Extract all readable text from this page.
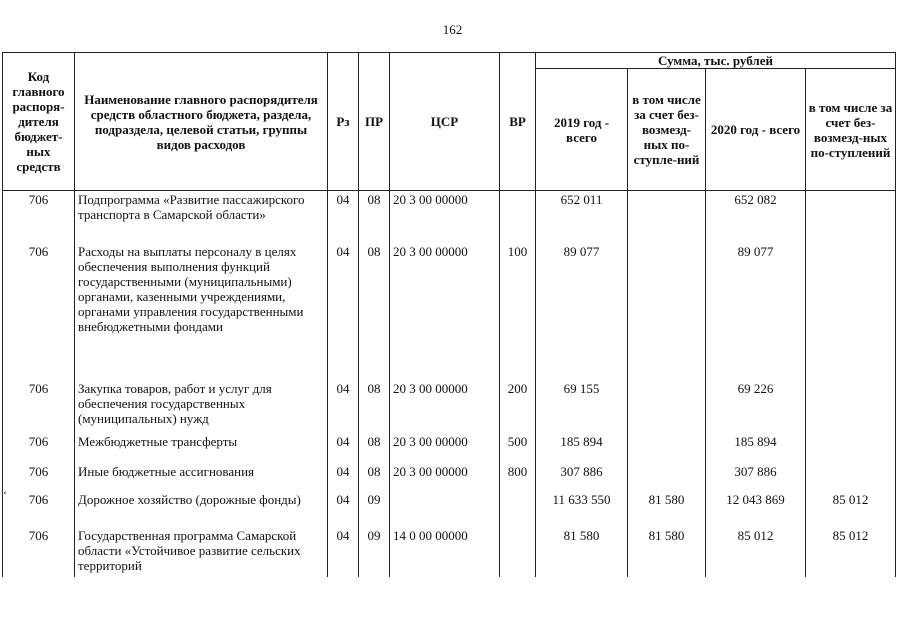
162
Код главного распоря-дителя бюджет-ных средств	Наименование главного распорядителя средств областного бюджета, раздела, подраздела, целевой статьи, группы видов расходов	Рз	ПР	ЦСР	ВР	Сумма, тыс. рублей			
						2019 год - всего	в том числе за счет без-возмезд-ных по-ступле-ний	2020 год - всего	в том числе за счет без-возмезд-ных по-ступлений
706	Подпрограмма «Развитие пассажирского транспорта в Самарской области»	04	08	20 3 00 00000		652 011		652 082	
706	Расходы на выплаты персоналу в целях обеспечения выполнения функций государственными (муниципальными) органами, казенными учреждениями, органами управления государственными внебюджетными фондами	04	08	20 3 00 00000	100	89 077		89 077	
706	Закупка товаров, работ и услуг для обеспечения государственных (муниципальных) нужд	04	08	20 3 00 00000	200	69 155		69 226	
706	Межбюджетные трансферты	04	08	20 3 00 00000	500	185 894		185 894	
706	Иные бюджетные ассигнования	04	08	20 3 00 00000	800	307 886		307 886	
706	Дорожное хозяйство (дорожные фонды)	04	09			11 633 550	81 580	12 043 869	85 012
706	Государственная программа Самарской области «Устойчивое развитие сельских территорий	04	09	14 0 00 00000		81 580	81 580	85 012	85 012
‘
